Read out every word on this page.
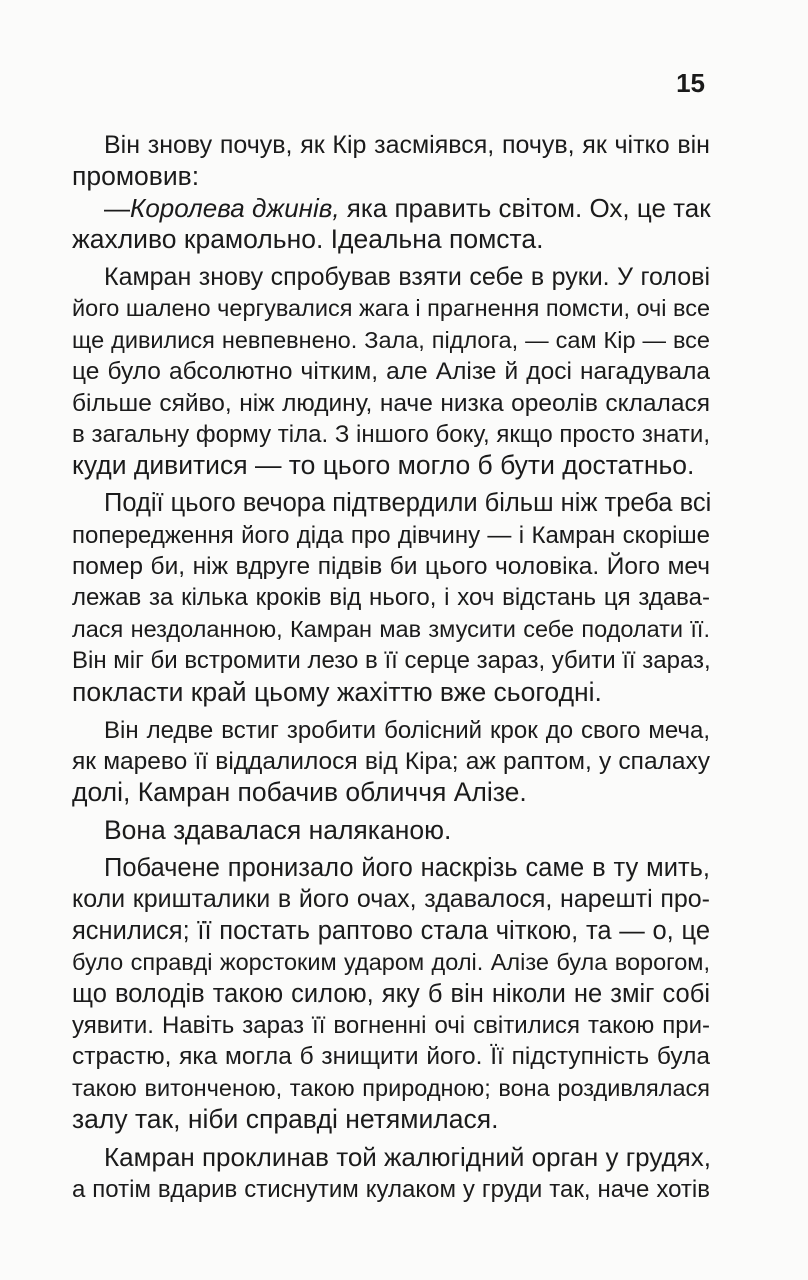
15
Він знову почув, як Кір засміявся, почув, як чітко він
промовив:
—Королева джинів, яка править світом. Ох, це так
жахливо крамольно. Ідеальна помста.
Камран знову спробував взяти себе в руки. У голові
його шалено чергувалися жага і прагнення помсти, очі все
ще дивилися невпевнено. Зала, підлога, — сам Кір — все
це було абсолютно чітким, але Алізе й досі нагадувала
більше сяйво, ніж людину, наче низка ореолів склалася
в загальну форму тіла. З іншого боку, якщо просто знати,
куди дивитися — то цього могло б бути достатньо.
Події цього вечора підтвердили більш ніж треба всі
попередження його діда про дівчину — і Камран скоріше
помер би, ніж вдруге підвів би цього чоловіка. Його меч
лежав за кілька кроків від нього, і хоч відстань ця здава-
лася нездоланною, Камран мав змусити себе подолати її.
Він міг би встромити лезо в її серце зараз, убити її зараз,
покласти край цьому жахіттю вже сьогодні.
Він ледве встиг зробити болісний крок до свого меча,
як марево її віддалилося від Кіра; аж раптом, у спалаху
долі, Камран побачив обличчя Алізе.
Вона здавалася наляканою.
Побачене пронизало його наскрізь саме в ту мить,
коли кришталики в його очах, здавалося, нарешті про-
яснилися; її постать раптово стала чіткою, та — о, це
було справді жорстоким ударом долі. Алізе була ворогом,
що володів такою силою, яку б він ніколи не зміг собі
уявити. Навіть зараз її вогненні очі світилися такою при-
страстю, яка могла б знищити його. Її підступність була
такою витонченою, такою природною; вона роздивлялася
залу так, ніби справді нетямилася.
Камран проклинав той жалюгідний орган у грудях,
а потім вдарив стиснутим кулаком у груди так, наче хотів
